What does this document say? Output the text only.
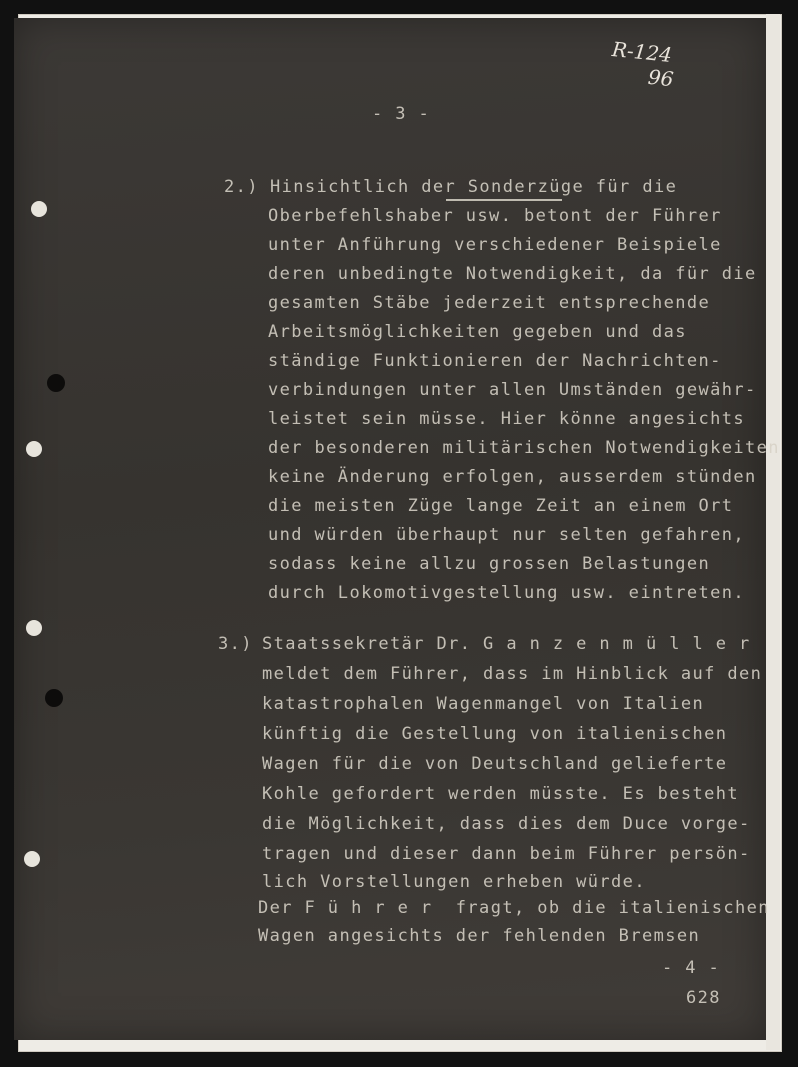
R-124
96
- 3 -
2.) Hinsichtlich der Sonderzüge für die
Oberbefehlshaber usw. betont der Führer
unter Anführung verschiedener Beispiele
deren unbedingte Notwendigkeit, da für die
gesamten Stäbe jederzeit entsprechende
Arbeitsmöglichkeiten gegeben und das
ständige Funktionieren der Nachrichten-
verbindungen unter allen Umständen gewähr-
leistet sein müsse. Hier könne angesichts
der besonderen militärischen Notwendigkeiten
keine Änderung erfolgen, ausserdem stünden
die meisten Züge lange Zeit an einem Ort
und würden überhaupt nur selten gefahren,
sodass keine allzu grossen Belastungen
durch Lokomotivgestellung usw. eintreten.
3.) Staatssekretär Dr. G a n z e n m ü l l e r
meldet dem Führer, dass im Hinblick auf den
katastrophalen Wagenmangel von Italien
künftig die Gestellung von italienischen
Wagen für die von Deutschland gelieferte
Kohle gefordert werden müsste. Es besteht
die Möglichkeit, dass dies dem Duce vorge-
tragen und dieser dann beim Führer persön-
lich Vorstellungen erheben würde.
Der F ü h r e r  fragt, ob die italienischen
Wagen angesichts der fehlenden Bremsen
- 4 -
628
